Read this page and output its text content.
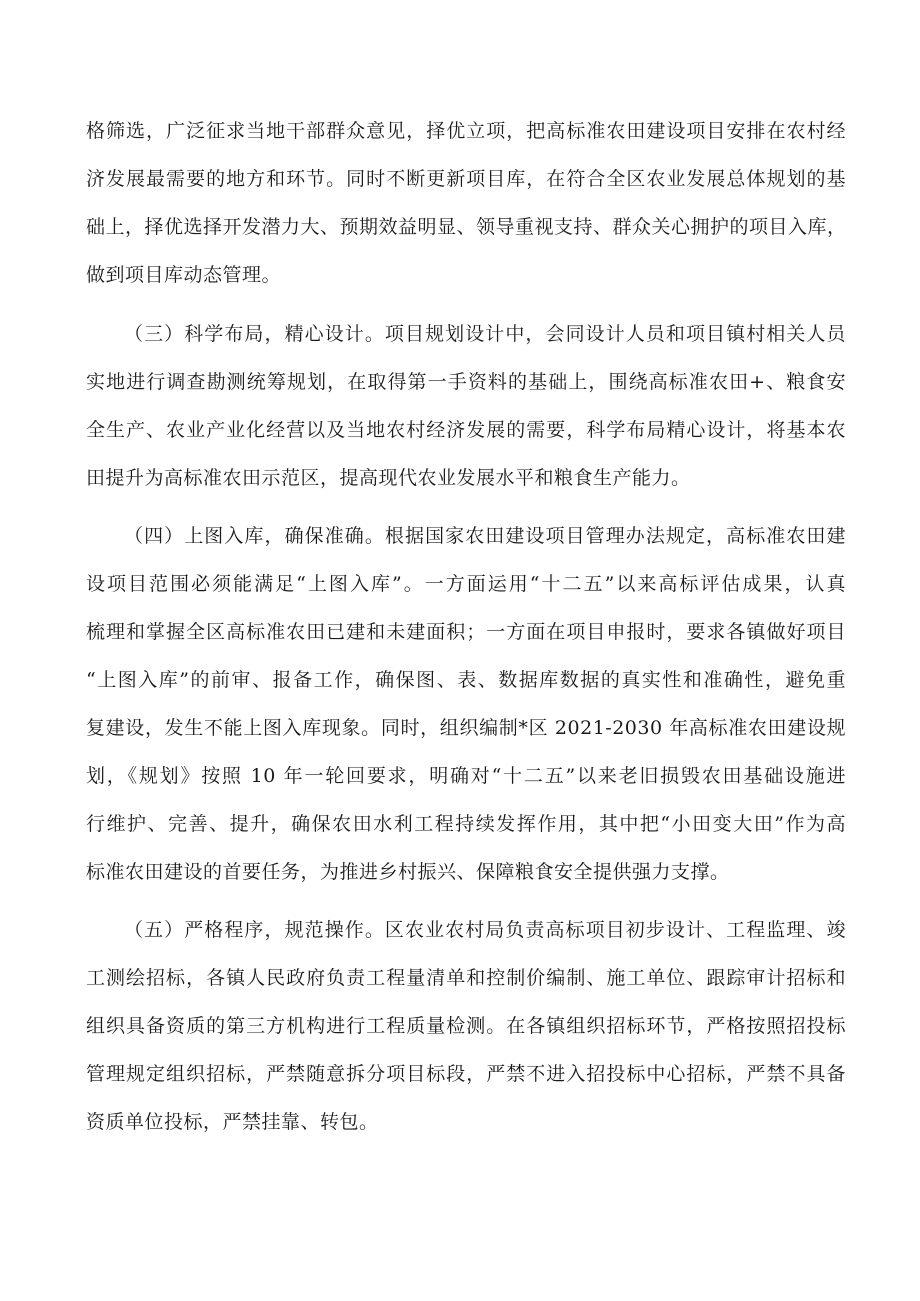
格筛选，广泛征求当地干部群众意见，择优立项，把高标准农田建设项目安排在农村经
济发展最需要的地方和环节。同时不断更新项目库，在符合全区农业发展总体规划的基
础上，择优选择开发潜力大、预期效益明显、领导重视支持、群众关心拥护的项目入库，
做到项目库动态管理。
（三）科学布局，精心设计。项目规划设计中，会同设计人员和项目镇村相关人员
实地进行调查勘测统筹规划，在取得第一手资料的基础上，围绕高标准农田+、粮食安
全生产、农业产业化经营以及当地农村经济发展的需要，科学布局精心设计，将基本农
田提升为高标准农田示范区，提高现代农业发展水平和粮食生产能力。
（四）上图入库，确保准确。根据国家农田建设项目管理办法规定，高标准农田建
设项目范围必须能满足“上图入库”。一方面运用“十二五”以来高标评估成果，认真
梳理和掌握全区高标准农田已建和未建面积；一方面在项目申报时，要求各镇做好项目
“上图入库”的前审、报备工作，确保图、表、数据库数据的真实性和准确性，避免重
复建设，发生不能上图入库现象。同时，组织编制*区 2021-2030 年高标准农田建设规
划，《规划》按照 10 年一轮回要求，明确对“十二五”以来老旧损毁农田基础设施进
行维护、完善、提升，确保农田水利工程持续发挥作用，其中把“小田变大田”作为高
标准农田建设的首要任务，为推进乡村振兴、保障粮食安全提供强力支撑。
（五）严格程序，规范操作。区农业农村局负责高标项目初步设计、工程监理、竣
工测绘招标，各镇人民政府负责工程量清单和控制价编制、施工单位、跟踪审计招标和
组织具备资质的第三方机构进行工程质量检测。在各镇组织招标环节，严格按照招投标
管理规定组织招标，严禁随意拆分项目标段，严禁不进入招投标中心招标，严禁不具备
资质单位投标，严禁挂靠、转包。
